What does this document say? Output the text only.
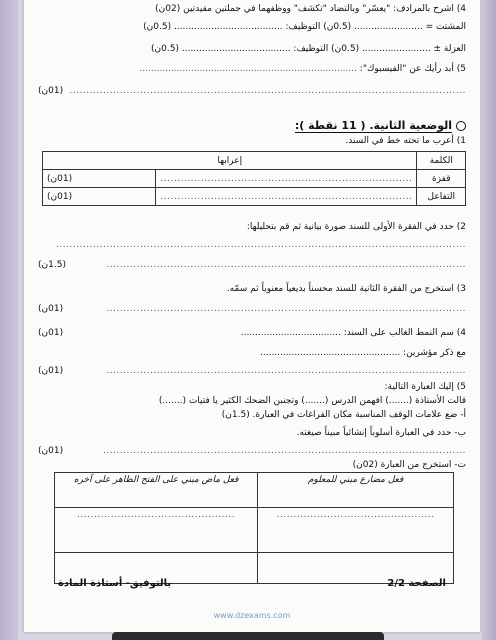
4) اشرح بالمرادف: "يعسّر" وبالتضاد "تكشف" ووظفهما في جملتين مفيدتين (02ن)
المشتت = ........................ (0.5ن) التوظيف: ...................................... (0.5ن)
العزلة ± ........................ (0.5ن) التوظيف: ...................................... (0.5ن)
5) أبد رأيك عن "الفيسبوك": ............................................................................
......................................................................................................................
(01ن)
الوضعية الثانية. ( 11 نقطة ):
1) أعرب ما تحته خط في السند.
الكلمة	إعرابها	
قفزة	...........................................................................	(01ن)
التفاعل	...........................................................................	(01ن)
2) حدد في الفقرة الأولى للسند صورة بيانية ثم قم بتحليلها:
..........................................................................................................................
...........................................................................................................
(1.5ن)
3) استخرج من الفقرة الثانية للسند محسناً بديعياً معنوياً ثم سمّه.
...........................................................................................................
(01ن)
4) سم النمط الغالب على السند: ...................................
(01ن)
مع ذكر مؤشرين: .................................................
...........................................................................................................
(01ن)
5) إليك العبارة التالية:
قالت الأستاذة (.......) افهمن الدرس (.......) وتجنبن الضحك الكثير يا فتيات (.......)
أ- ضع علامات الوقف المناسبة مكان الفراغات في العبارة. (1.5ن)
ب- حدد في العبارة أسلوباً إنشائياً مبيناً صيغته.
............................................................................................................
(01ن)
ت- استخرج من العبارة (02ن)
فعل مضارع مبني للمعلوم	فعل ماض مبني على الفتح الظاهر على آخره
...............................................	...............................................

الصفحة 2/2
بالتوفيق- أستاذة المادة
www.dzexams.com
